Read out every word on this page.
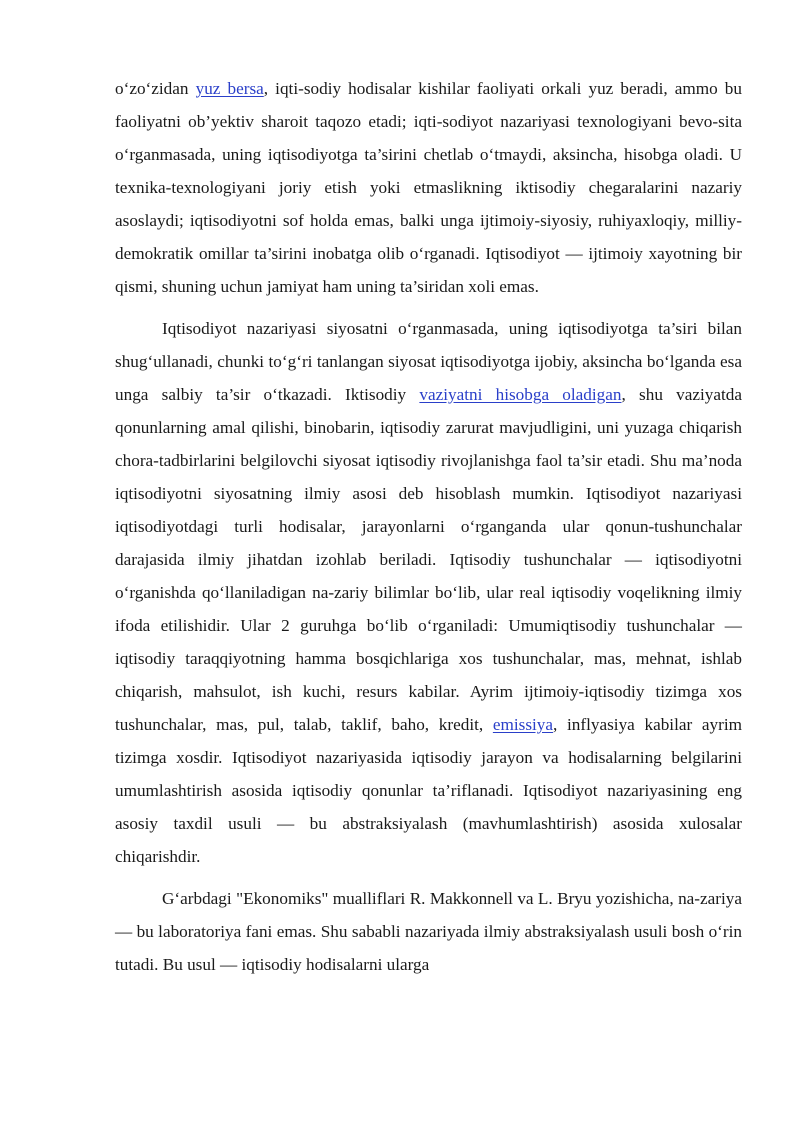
o‘zo‘zidan yuz bersa, iqti-sodiy hodisalar kishilar faoliyati orkali yuz beradi, ammo bu faoliyatni ob’yektiv sharoit taqozo etadi; iqti-sodiyot nazariyasi texnologiyani bevo-sita o‘rganmasada, uning iqtisodiyotga ta’sirini chetlab o‘tmaydi, aksincha, hisobga oladi. U texnika-texnologiyani joriy etish yoki etmaslikning iktisodiy chegaralarini nazariy asoslaydi; iqtisodiyotni sof holda emas, balki unga ijtimoiy-siyosiy, ruhiyaxloqiy, milliy-demokratik omillar ta’sirini inobatga olib o‘rganadi. Iqtisodiyot — ijtimoiy xayotning bir qismi, shuning uchun jamiyat ham uning ta’siridan xoli emas.

Iqtisodiyot nazariyasi siyosatni o‘rganmasada, uning iqtisodiyotga ta’siri bilan shug‘ullanadi, chunki to‘g‘ri tanlangan siyosat iqtisodiyotga ijobiy, aksincha bo‘lganda esa unga salbiy ta’sir o‘tkazadi. Iktisodiy vaziyatni hisobga oladigan, shu vaziyatda qonunlarning amal qilishi, binobarin, iqtisodiy zarurat mavjudligini, uni yuzaga chiqarish chora-tadbirlarini belgilovchi siyosat iqtisodiy rivojlanishga faol ta’sir etadi. Shu ma’noda iqtisodiyotni siyosatning ilmiy asosi deb hisoblash mumkin. Iqtisodiyot nazariyasi iqtisodiyotdagi turli hodisalar, jarayonlarni o‘rganganda ular qonun-tushunchalar darajasida ilmiy jihatdan izohlab beriladi. Iqtisodiy tushunchalar — iqtisodiyotni o‘rganishda qo‘llaniladigan na-zariy bilimlar bo‘lib, ular real iqtisodiy voqelikning ilmiy ifoda etilishidir. Ular 2 guruhga bo‘lib o‘rganiladi: Umumiqtisodiy tushunchalar — iqtisodiy taraqqiyotning hamma bosqichlariga xos tushunchalar, mas, mehnat, ishlab chiqarish, mahsulot, ish kuchi, resurs kabilar. Ayrim ijtimoiy-iqtisodiy tizimga xos tushunchalar, mas, pul, talab, taklif, baho, kredit, emissiya, inflyasiya kabilar ayrim tizimga xosdir. Iqtisodiyot nazariyasida iqtisodiy jarayon va hodisalarning belgilarini umumlashtirish asosida iqtisodiy qonunlar ta’riflanadi. Iqtisodiyot nazariyasining eng asosiy taxdil usuli — bu abstraksiyalash (mavhumlashtirish) asosida xulosalar chiqarishdir.

G‘arbdagi "Ekonomiks" mualliflari R. Makkonnell va L. Bryu yozishicha, na-zariya — bu laboratoriya fani emas. Shu sababli nazariyada ilmiy abstraksiyalash usuli bosh o‘rin tutadi. Bu usul — iqtisodiy hodisalarni ularga
